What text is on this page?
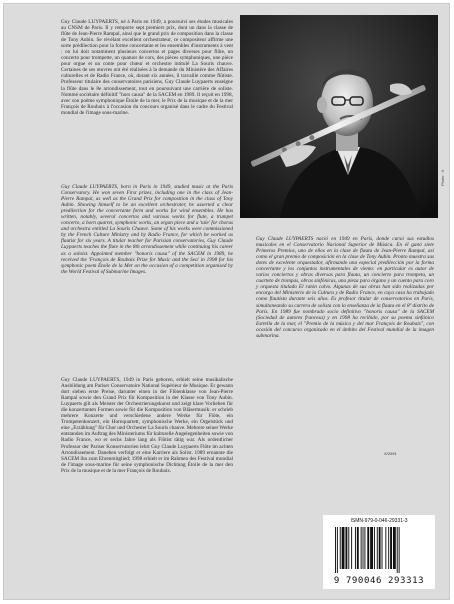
Guy Claude LUYPAERTS, né à Paris en 1949, a poursuivi ses études musicales au CNSM de Paris. Il y remporte sept premiers prix, dont un dans la classe de flûte de Jean-Pierre Rampal, ainsi que le grand prix de composition dans la classe de Tony Aubin. Se révélant excellent orchestrateur, ce compositeur affirme une sorte prédilection pour la forme concertante et les ensembles d'instruments à vent : on lui doit notamment plusieurs concertos et pages diverses pour flûte, un concerto pour trompette, un quatuor de cors, des pièces symphoniques, une pièce pour orgue et un conte pour chœur et orchestre intitulé La Souris chauve. Certaines de ses œuvres ont été réalisées à la demande du Ministère des Affaires culturelles et de Radio France, où, durant six années, il travaille comme flûtiste. Professeur titulaire des conservatoires parisiens, Guy Claude Luypaerts enseigne la flûte dans le 8e arrondissement, tout en poursuivant une carrière de soliste. Nommé sociétaire définitif "hors causa" de la SACEM en 1989. Il reçoit en 1998, avec son poème symphonique Étoile de la mer, le Prix de la musique et de la mer François de Roubaix à l'occasion du concours organisé dans le cadre du Festival mondial de l'image sous-marine.

Guy Claude LUYPAERTS, born in Paris in 1949, studied music at the Paris Conservatory. He won seven First prizes, including one in the class of Jean-Pierre Rampal, as well as the Grand Prix for composition in the class of Tony Aubin. Showing himself to be an excellent orchestrater, he asserted a clear predilection for the concertante form and works for wind ensembles. He has written, notably, several concertos and various works for flute, a trumpet concerto, a horn quartet, symphonic works, an organ piece and a 'tale' for chorus and orchestra entitled La Souris Chauve. Some of his works were commissioned by the French Culture Ministry and by Radio France, for which he worked as flautist for six years. A titular teacher for Parisian conservatories, Guy Claude Luypaerts teaches the flute in the 8th arrondissement while continuing his career as a soloist. Appointed member "honoris causa" of the SACEM in 1989, he received the 'François de Roubaix Prize for Music and the Sea' in 1998 for his symphonic poem Étoile de la Mer on the occasion of a competition organised by the World Festival of Submarine Images.

Guy Claude LUYPAERTS, 1949 in Paris geboren, erhielt seine musikalische Ausbildung am Pariser Conservatoire National Supérieur de Musique. Er gewann dort sieben erste Preise, darunter einen in der Flötenklasse von Jean-Pierre Rampal sowie den Grand Prix für Komposition in der Klasse von Tony Aubin. Luypaerts gilt als Meister der Orchestrierungskunst und zeigt klare Vorlieben für die konzertanten Formen sowie für die Komposition von Bläsermusik: er schrieb mehrere Konzerte und verschiedene andere Werke für Flöte, ein Trompetenkonzert, ein Hornquartett, symphonische Werke, ein Orgelstück und eine „Erzählung" für Chor und Orchester La Souris chauve. Mehrere seiner Werke entstanden im Auftrag des Ministeriums für kulturelle Angelegenheiten sowie von Radio France, wo er sechs Jahre lang als Flötist tätig war. Als ordentlicher Professor der Pariser Konservatorien lehrt Guy Claude Luypaerts Flöte im achten Arrondissement. Daneben verfolgt er eine Karriere als Solist. 1989 ernannte die SACEM ihn zum Ehrenmitglied; 1998 erhielt er im Rahmen des Festival mondial de l'image sous-marine für seine symphonische Dichtung Étoile de la mer den Prix de la musique et de la mer François de Roubaix.

Guy Claude LUYPAERTS nació en 1949 en París, donde cursó sus estudios musicales en el Conservatorio Nacional Superior de Música. En él ganó siete Primeros Premios, uno de ellos en la clase de flauta de Jean-Pierre Rampal, así como el gran premio de composición en la clase de Tony Aubin. Pronto muestra sus dotes de excelente orquestador, afirmando una especial predilección por la forma concertante y los conjuntos instrumentales de viento: en particular es autor de varios conciertos y obras diversas para flauta, un concierto para trompeta, un cuarteto de trompas, obras sinfónicas, una pieza para órgano y un cuento para coro y orquesta titulado El ratón calvo. Algunas de sus obras han sido realizadas por encargo del Ministerio de la Cultura y de Radio France, en cuya casa ha trabajado como flautista durante seis años. Es profesor titular de conservatorios en París, simultaneando su carrera de solista con la enseñanza de la flauta en el 8º distrito de París. En 1989 fue nombrado socio definitivo "honoris causa" de la SACEM (Sociedad de autores francesa) y en 1998 ha recibido, por su poema sinfónico Estrella de la mar, el "Premio de la música y del mar François de Roubaix", con ocasión del concurso organizado en el ámbito del Festival mundial de la imagen submarina.

Photo : X
X/2091
ISMN-979-0-046-29331-3
9 790046 293313
